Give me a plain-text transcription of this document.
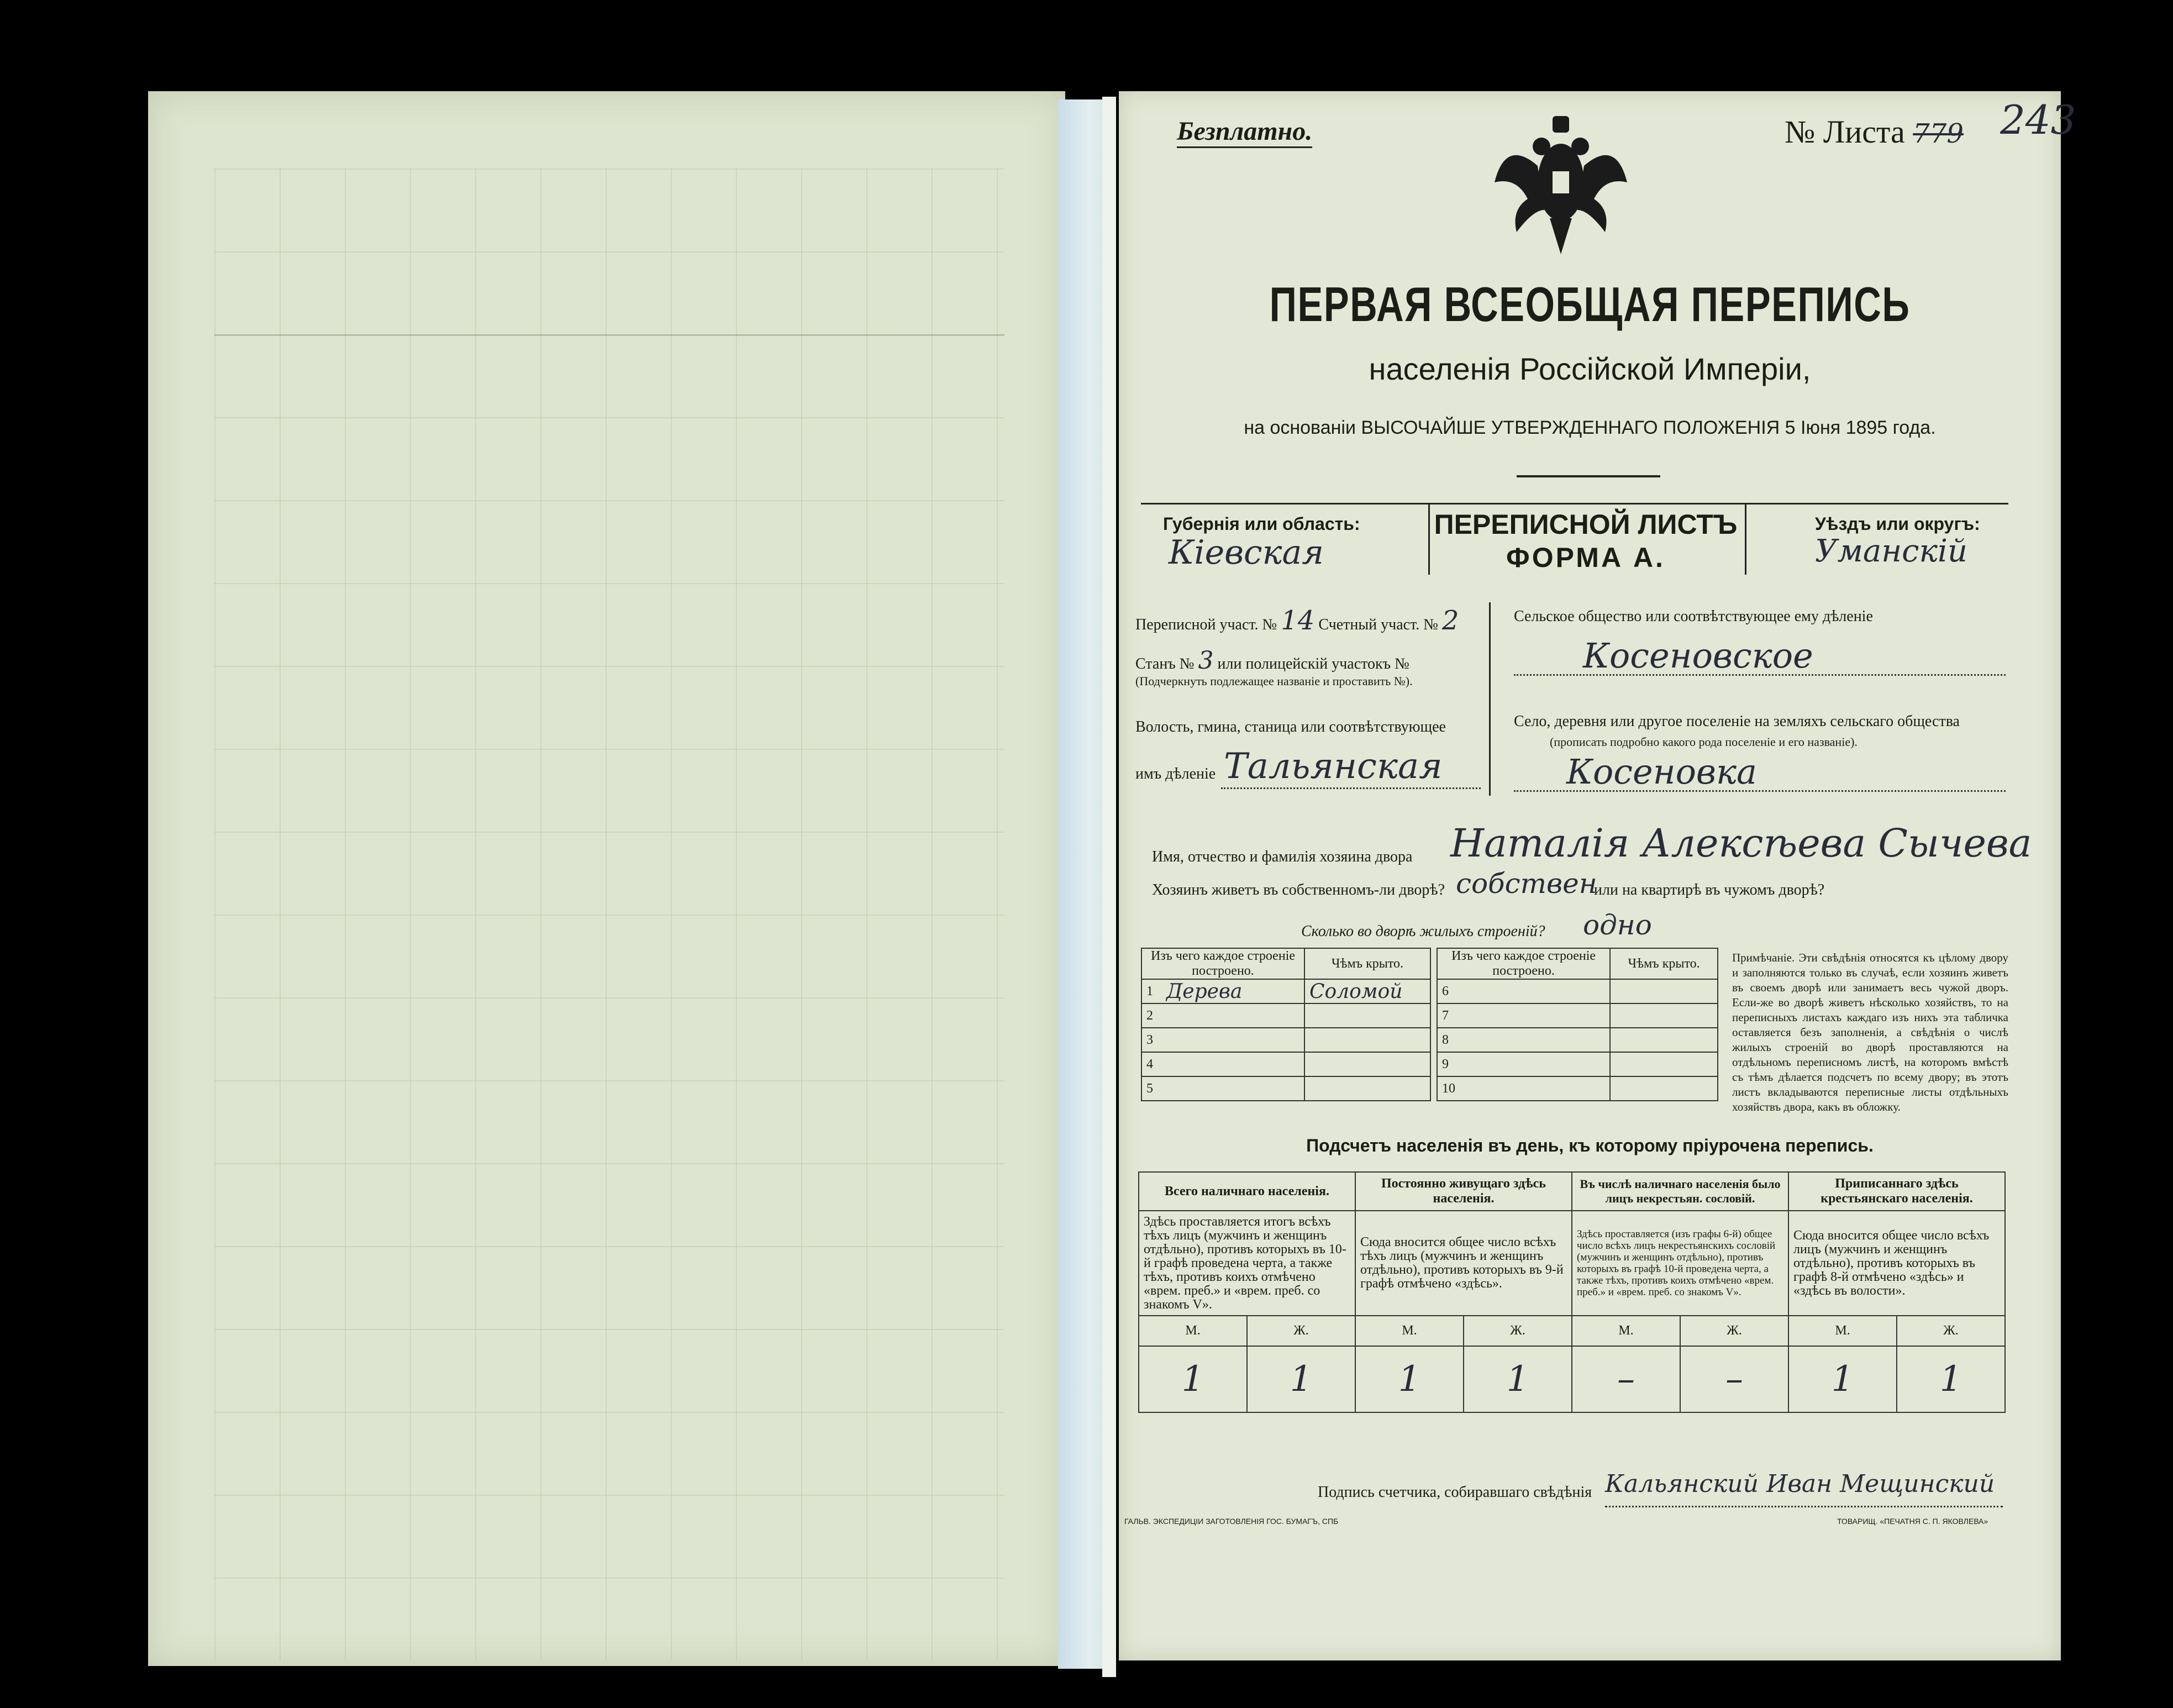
Безплатно.	№ Листа 779 243
ПЕРВАЯ ВСЕОБЩАЯ ПЕРЕПИСЬ
населенія Россійской Имперіи,
на основаніи ВЫСОЧАЙШЕ УТВЕРЖДЕННАГО ПОЛОЖЕНІЯ 5 Іюня 1895 года.
Губернія или область:
Кіевская
ПЕРЕПИСНОЙ ЛИСТЪ
ФОРМА А.
Уѣздъ или округъ:
Уманскій
Переписной участ. № 14 Счетный участ. № 2
Станъ № 3 или полицейскій участокъ №
(Подчеркнуть подлежащее названіе и проставить №).
Волость, гмина, станица или соотвѣтствующее
имъ дѣленіе Тальянская
Сельское общество или соотвѣтствующее ему дѣленіе
Косеновское
Село, деревня или другое поселеніе на земляхъ сельскаго общества
(прописать подробно какого рода поселеніе и его названіе).
Косеновка
Имя, отчество и фамилія хозяина двора Наталія Алексѣева Сычева
Хозяинъ живетъ въ собственномъ-ли дворѣ? собствен
или на квартирѣ въ чужомъ дворѣ?
Сколько во дворѣ жилыхъ строеній? одно
Изъ чего каждое строеніе построено.		Чѣмъ крыто.
1	Дерева	Соломой
2		
3		
4		
5		
Изъ чего каждое строеніе построено.		Чѣмъ крыто.
6		
7		
8		
9		
10		
Примѣчаніе. Эти свѣдѣнія относятся къ цѣлому двору и заполняются только въ случаѣ, если хозяинъ живетъ въ своемъ дворѣ или занимаетъ весь чужой дворъ. Если-же во дворѣ живетъ нѣсколько хозяйствъ, то на переписныхъ листахъ каждаго изъ нихъ эта табличка оставляется безъ заполненія, а свѣдѣнія о числѣ жилыхъ строеній во дворѣ проставляются на отдѣльномъ переписномъ листѣ, на которомъ вмѣстѣ съ тѣмъ дѣлается подсчетъ по всему двору; въ этотъ листъ вкладываются переписные листы отдѣльныхъ хозяйствъ двора, какъ въ обложку.
Подсчетъ населенія въ день, къ которому пріурочена перепись.
Всего наличнаго населенія.		Постоянно живущаго здѣсь населенія.		Въ числѣ наличнаго населенія было лицъ некрестьян. сословій.		Приписаннаго здѣсь крестьянскаго населенія.	
Здѣсь проставляется итогъ всѣхъ тѣхъ лицъ (мужчинъ и женщинъ отдѣльно), противъ которыхъ въ 10-й графѣ проведена черта, а также тѣхъ, противъ коихъ отмѣчено «врем. преб.» и «врем. преб. со знакомъ V».		Сюда вносится общее число всѣхъ тѣхъ лицъ (мужчинъ и женщинъ отдѣльно), противъ которыхъ въ 9-й графѣ отмѣчено «здѣсь».		Здѣсь проставляется (изъ графы 6-й) общее число всѣхъ лицъ некрестьянскихъ сословій (мужчинъ и женщинъ отдѣльно), противъ которыхъ въ графѣ 10-й проведена черта, а также тѣхъ, противъ коихъ отмѣчено «врем. преб.» и «врем. преб. со знакомъ V».		Сюда вносится общее число всѣхъ лицъ (мужчинъ и женщинъ отдѣльно), противъ которыхъ въ графѣ 8-й отмѣчено «здѣсь» и «здѣсь въ волости».	
М.	Ж.	М.	Ж.	М.	Ж.	М.	Ж.
1	1	1	1	–	–	1	1
Подпись счетчика, собиравшаго свѣдѣнія Кальянский Иван Мещинский
ГАЛЬВ. ЭКСПЕДИЦІИ ЗАГОТОВЛЕНІЯ ГОС. БУМАГЪ, СПБ	ТОВАРИЩ. «ПЕЧАТНЯ С. П. ЯКОВЛЕВА»
